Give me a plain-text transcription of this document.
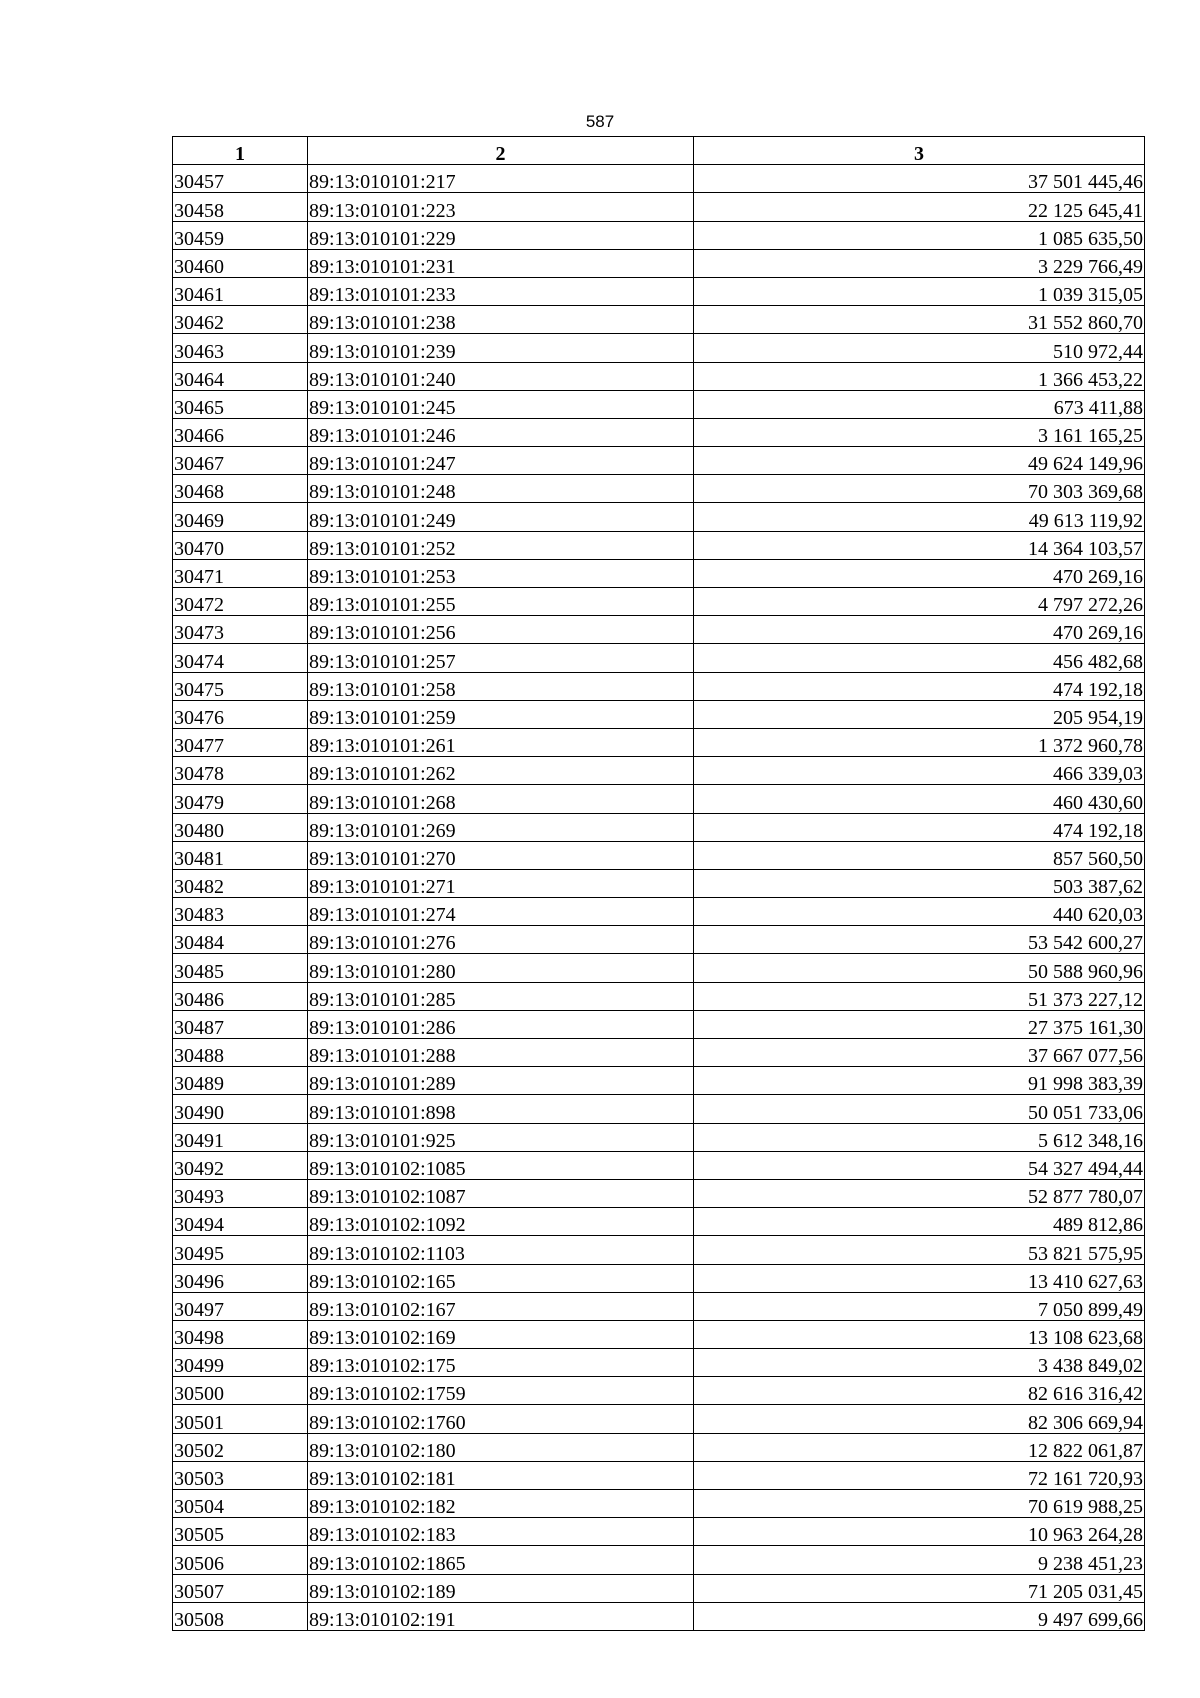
587
1	2	3
30457	89:13:010101:217	37 501 445,46
30458	89:13:010101:223	22 125 645,41
30459	89:13:010101:229	1 085 635,50
30460	89:13:010101:231	3 229 766,49
30461	89:13:010101:233	1 039 315,05
30462	89:13:010101:238	31 552 860,70
30463	89:13:010101:239	510 972,44
30464	89:13:010101:240	1 366 453,22
30465	89:13:010101:245	673 411,88
30466	89:13:010101:246	3 161 165,25
30467	89:13:010101:247	49 624 149,96
30468	89:13:010101:248	70 303 369,68
30469	89:13:010101:249	49 613 119,92
30470	89:13:010101:252	14 364 103,57
30471	89:13:010101:253	470 269,16
30472	89:13:010101:255	4 797 272,26
30473	89:13:010101:256	470 269,16
30474	89:13:010101:257	456 482,68
30475	89:13:010101:258	474 192,18
30476	89:13:010101:259	205 954,19
30477	89:13:010101:261	1 372 960,78
30478	89:13:010101:262	466 339,03
30479	89:13:010101:268	460 430,60
30480	89:13:010101:269	474 192,18
30481	89:13:010101:270	857 560,50
30482	89:13:010101:271	503 387,62
30483	89:13:010101:274	440 620,03
30484	89:13:010101:276	53 542 600,27
30485	89:13:010101:280	50 588 960,96
30486	89:13:010101:285	51 373 227,12
30487	89:13:010101:286	27 375 161,30
30488	89:13:010101:288	37 667 077,56
30489	89:13:010101:289	91 998 383,39
30490	89:13:010101:898	50 051 733,06
30491	89:13:010101:925	5 612 348,16
30492	89:13:010102:1085	54 327 494,44
30493	89:13:010102:1087	52 877 780,07
30494	89:13:010102:1092	489 812,86
30495	89:13:010102:1103	53 821 575,95
30496	89:13:010102:165	13 410 627,63
30497	89:13:010102:167	7 050 899,49
30498	89:13:010102:169	13 108 623,68
30499	89:13:010102:175	3 438 849,02
30500	89:13:010102:1759	82 616 316,42
30501	89:13:010102:1760	82 306 669,94
30502	89:13:010102:180	12 822 061,87
30503	89:13:010102:181	72 161 720,93
30504	89:13:010102:182	70 619 988,25
30505	89:13:010102:183	10 963 264,28
30506	89:13:010102:1865	9 238 451,23
30507	89:13:010102:189	71 205 031,45
30508	89:13:010102:191	9 497 699,66
